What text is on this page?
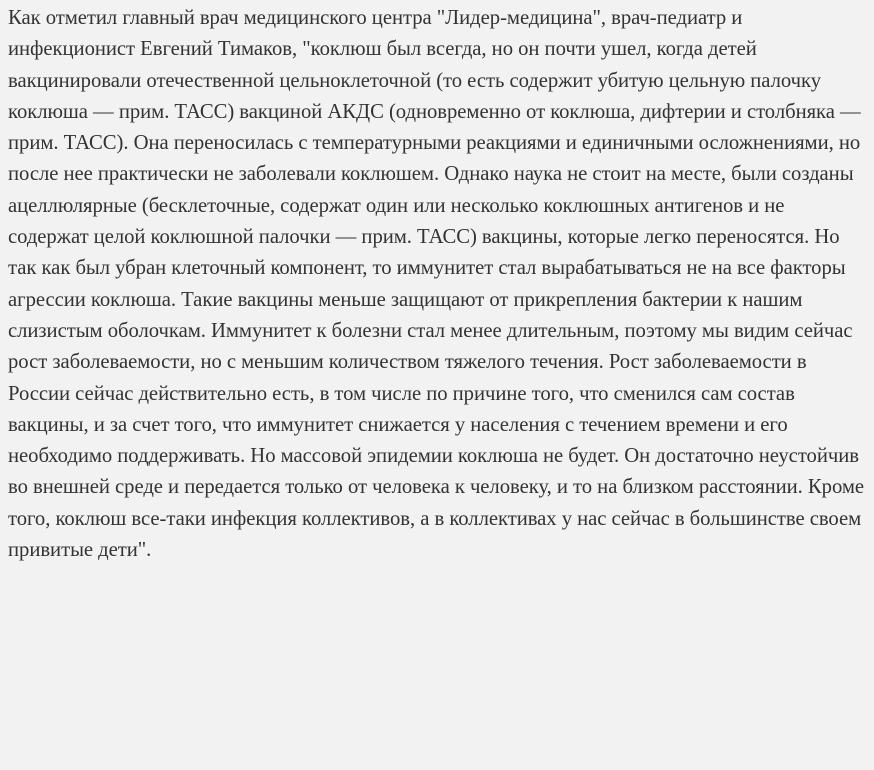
Как отметил главный врач медицинского центра "Лидер-медицина", врач-педиатр и инфекционист Евгений Тимаков, "коклюш был всегда, но он почти ушел, когда детей вакцинировали отечественной цельноклеточной (то есть содержит убитую цельную палочку коклюша — прим. ТАСС) вакциной АКДС (одновременно от коклюша, дифтерии и столбняка — прим. ТАСС). Она переносилась с температурными реакциями и единичными осложнениями, но после нее практически не заболевали коклюшем. Однако наука не стоит на месте, были созданы ацеллюлярные (бесклеточные, содержат один или несколько коклюшных антигенов и не содержат целой коклюшной палочки — прим. ТАСС) вакцины, которые легко переносятся. Но так как был убран клеточный компонент, то иммунитет стал вырабатываться не на все факторы агрессии коклюша. Такие вакцины меньше защищают от прикрепления бактерии к нашим слизистым оболочкам. Иммунитет к болезни стал менее длительным, поэтому мы видим сейчас рост заболеваемости, но с меньшим количеством тяжелого течения. Рост заболеваемости в России сейчас действительно есть, в том числе по причине того, что сменился сам состав вакцины, и за счет того, что иммунитет снижается у населения с течением времени и его необходимо поддерживать. Но массовой эпидемии коклюша не будет. Он достаточно неустойчив во внешней среде и передается только от человека к человеку, и то на близком расстоянии. Кроме того, коклюш все-таки инфекция коллективов, а в коллективах у нас сейчас в большинстве своем привитые дети".
